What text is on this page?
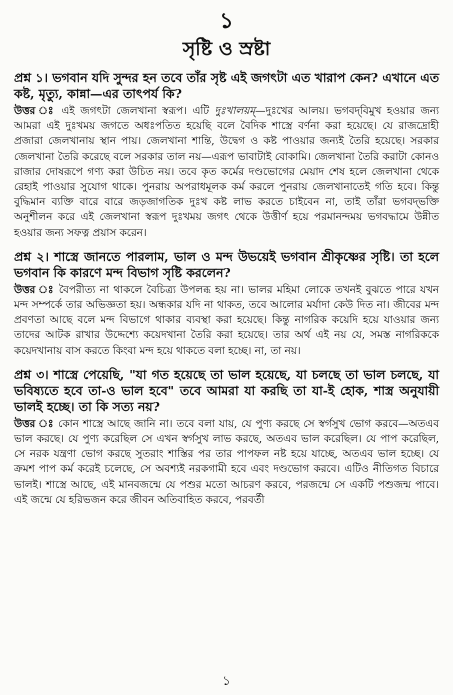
১
সৃষ্টি ও স্রষ্টা
প্রশ্ন ১। ভগবান যদি সুন্দর হন তবে তাঁর সৃষ্ট এই জগৎটা এত খারাপ কেন? এখানে এত কষ্ট, মৃত্যু, কান্না—এর তাৎপর্য কি?

উত্তর ঃ এই জগৎটা জেলখানা স্বরূপ। এটি দুঃখালয়ম্—দুঃখের আলয়। ভগবদ্‌বিমুখ হওয়ার জন্য আমরা এই দুঃখময় জগতে অধঃপতিত হয়েছি বলে বৈদিক শাস্ত্রে বর্ণনা করা হয়েছে। যে রাজদ্রোহী প্রজারা জেলখানায় স্থান পায়। জেলখানা শান্তি, উদ্বেগ ও কষ্ট পাওয়ার জন্যই তৈরি হয়েছে। সরকার জেলখানা তৈরি করেছে বলে সরকার তাল নয়—এরূপ ভাবাটাই বোকামি। জেলখানা তৈরি করাটা কোনও রাজার দোষরূপে গণ্য করা উচিত নয়। তবে কৃত কর্মের দণ্ডভোগের মেয়াদ শেষ হলে জেলখানা থেকে রেহাই পাওয়ার সুযোগ থাকে। পুনরায় অপরাধমূলক কর্ম করলে পুনরায় জেলখানাতেই গতি হবে। কিন্তু বুদ্ধিমান ব্যক্তি বারে বারে জড়জাগতিক দুঃখ কষ্ট লাভ করতে চাইবেন না, তাই তাঁরা ভগবদ্‌ভক্তি অনুশীলন করে এই জেলখানা স্বরূপ দুঃখময় জগৎ থেকে উত্তীর্ণ হয়ে পরমানন্দময় ভগবদ্ধামে উন্নীত হওয়ার জন্য সফত্ন প্রয়াস করেন।

প্রশ্ন ২। শাস্ত্রে জানতে পারলাম, ভাল ও মন্দ উভয়েই ভগবান শ্রীকৃষ্ণের সৃষ্টি। তা হলে ভগবান কি কারণে মন্দ বিভাগ সৃষ্টি করলেন?

উত্তর ঃ বৈপরীত্য না থাকলে বৈচিত্র্য উপলব্ধ হয় না। ভালর মহিমা লোকে তখনই বুঝতে পারে যখন মন্দ সম্পর্কে তার অভিজ্ঞতা হয়। অন্ধকার যদি না থাকত, তবে আলোর মর্যাদা কেউ দিত না। জীবের মন্দ প্রবণতা আছে বলে মন্দ বিভাগে থাকার ব্যবস্থা করা হয়েছে। কিন্তু নাগরিক কয়েদি হয়ে যাওয়ার জন্য তাদের আটক রাখার উদ্দেশ্যে কয়েদখানা তৈরি করা হয়েছে। তার অর্থ এই নয় যে, সমস্ত নাগরিককে কয়েদখানায় বাস করতে কিংবা মন্দ হয়ে থাকতে বলা হচ্ছে। না, তা নয়।

প্রশ্ন ৩। শাস্ত্রে পেয়েছি, "যা গত হয়েছে তা ভাল হয়েছে, যা চলছে তা ভাল চলছে, যা ভবিষ্যতে হবে তা-ও ভাল হবে" তবে আমরা যা করছি তা যা-ই হোক, শাস্ত্র অনুযায়ী ভালই হচ্ছে। তা কি সত্য নয়?

উত্তর ঃ কোন শাস্ত্রে আছে জানি না। তবে বলা যায়, যে পুণ্য করছে সে স্বর্গসুখ ভোগ করবে—অতএব ভাল করছে। যে পুণ্য করেছিল সে এখন স্বর্গসুখ লাভ করছে, অতএব ভাল করেছিল। যে পাপ করেছিল, সে নরক যন্ত্রণা ভোগ করছে সুতরাং শাস্তির পর তার পাপফল নষ্ট হয়ে যাচ্ছে, অতএব ভাল হচ্ছে। যে ক্রমশ পাপ কর্ম করেই চলেছে, সে অবশ্যই নরকগামী হবে এবং দণ্ডভোগ করবে। এটিও নীতিগত বিচারে ভালই। শাস্ত্রে আছে, এই মানবজন্মে যে পশুর মতো আচরণ করবে, পরজন্মে সে একটি পশুজন্ম পাবে। এই জন্মে যে হরিভজন করে জীবন অতিবাহিত করবে, পরবর্তী

১
